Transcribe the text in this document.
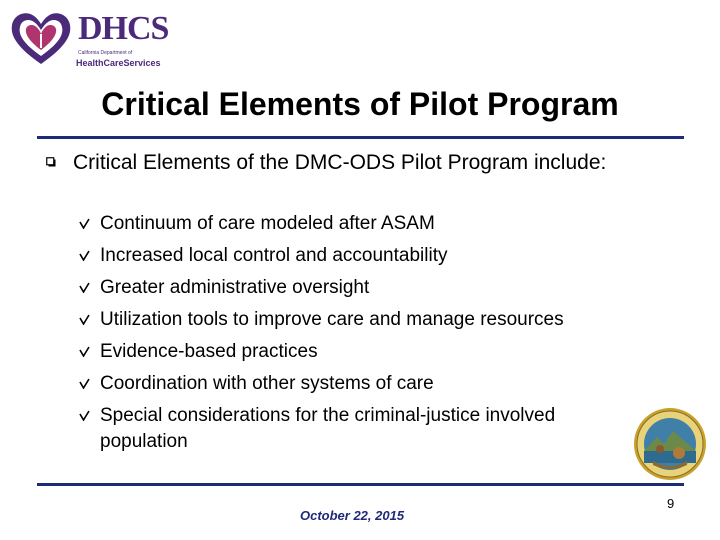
DHCS
California Department of
HealthCareServices
Critical Elements of Pilot Program
Critical Elements of the DMC-ODS Pilot Program include:
Continuum of care modeled after ASAM
Increased local control and accountability
Greater administrative oversight
Utilization tools to improve care and manage resources
Evidence-based practices
Coordination with other systems of care
Special considerations for the criminal-justice involved
population
October 22, 2015
9
